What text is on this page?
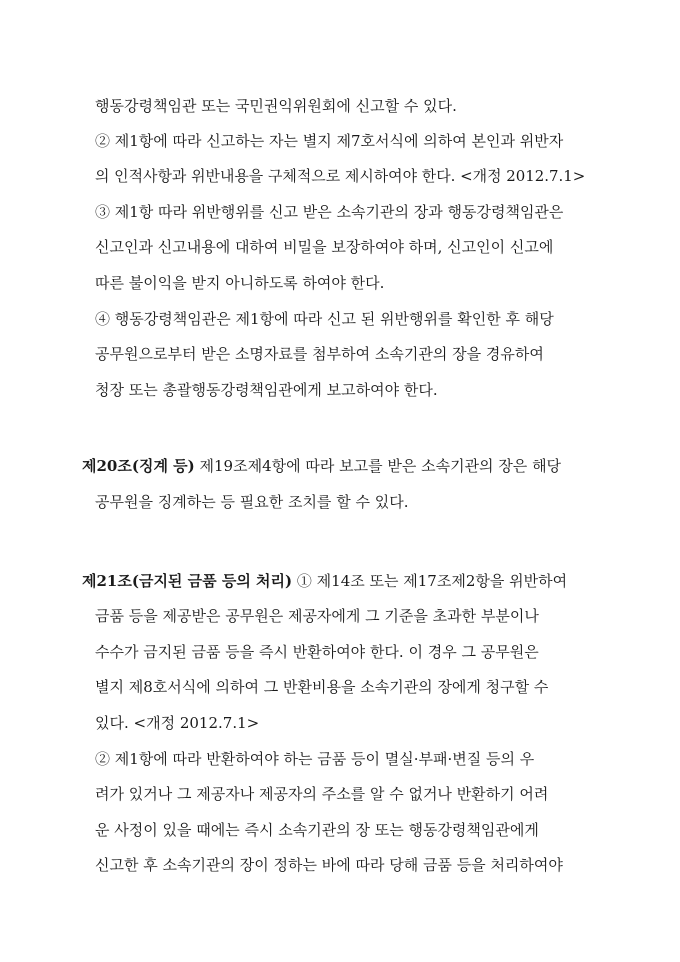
행동강령책임관 또는 국민권익위원회에 신고할 수 있다.
② 제1항에 따라 신고하는 자는 별지 제7호서식에 의하여 본인과 위반자
의 인적사항과 위반내용을 구체적으로 제시하여야 한다. <개정 2012.7.1>
③ 제1항 따라 위반행위를 신고 받은 소속기관의 장과 행동강령책임관은
신고인과 신고내용에 대하여 비밀을 보장하여야 하며, 신고인이 신고에
따른 불이익을 받지 아니하도록 하여야 한다.
④ 행동강령책임관은 제1항에 따라 신고 된 위반행위를 확인한 후 해당
공무원으로부터 받은 소명자료를 첨부하여 소속기관의 장을 경유하여
청장 또는 총괄행동강령책임관에게 보고하여야 한다.
제20조(징계 등) 제19조제4항에 따라 보고를 받은 소속기관의 장은 해당
공무원을 징계하는 등 필요한 조치를 할 수 있다.
제21조(금지된 금품 등의 처리) ① 제14조 또는 제17조제2항을 위반하여
금품 등을 제공받은 공무원은 제공자에게 그 기준을 초과한 부분이나
수수가 금지된 금품 등을 즉시 반환하여야 한다. 이 경우 그 공무원은
별지 제8호서식에 의하여 그 반환비용을 소속기관의 장에게 청구할 수
있다. <개정 2012.7.1>
② 제1항에 따라 반환하여야 하는 금품 등이 멸실·부패·변질 등의 우
려가 있거나 그 제공자나 제공자의 주소를 알 수 없거나 반환하기 어려
운 사정이 있을 때에는 즉시 소속기관의 장 또는 행동강령책임관에게
신고한 후 소속기관의 장이 정하는 바에 따라 당해 금품 등을 처리하여야
